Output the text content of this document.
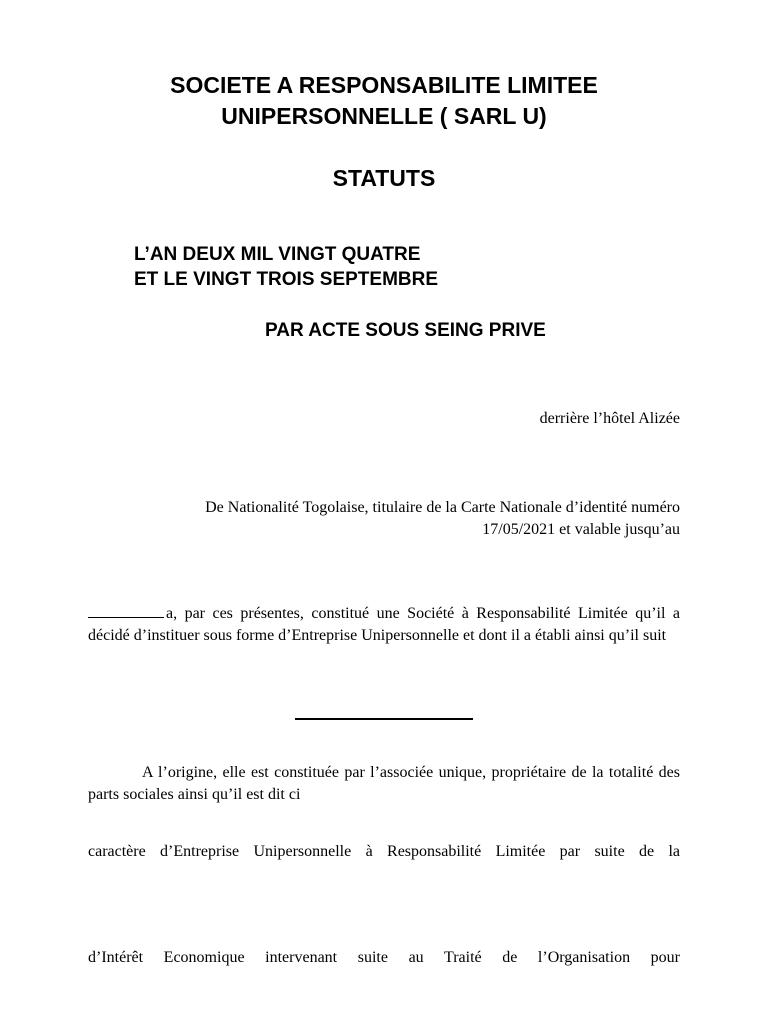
SOCIETE A RESPONSABILITE LIMITEE
UNIPERSONNELLE ( SARL U)
STATUTS

L’AN DEUX MIL VINGT QUATRE

ET LE VINGT TROIS SEPTEMBRE

PAR ACTE SOUS SEING PRIVE

derrière l’hôtel Alizée

De Nationalité Togolaise, titulaire de la Carte Nationale d’identité numéro

17/05/2021 et valable jusqu’au

a, par ces présentes, constitué une Société à Responsabilité Limitée qu’il a décidé d’instituer sous forme d’Entreprise Unipersonnelle et dont il a établi ainsi qu’il suit
A l’origine, elle est constituée par l’associée unique, propriétaire de la totalité des parts sociales ainsi qu’il est dit ci

caractère d’Entreprise Unipersonnelle à Responsabilité Limitée par suite de la

d’Intérêt Economique intervenant suite au Traité de l’Organisation pour
